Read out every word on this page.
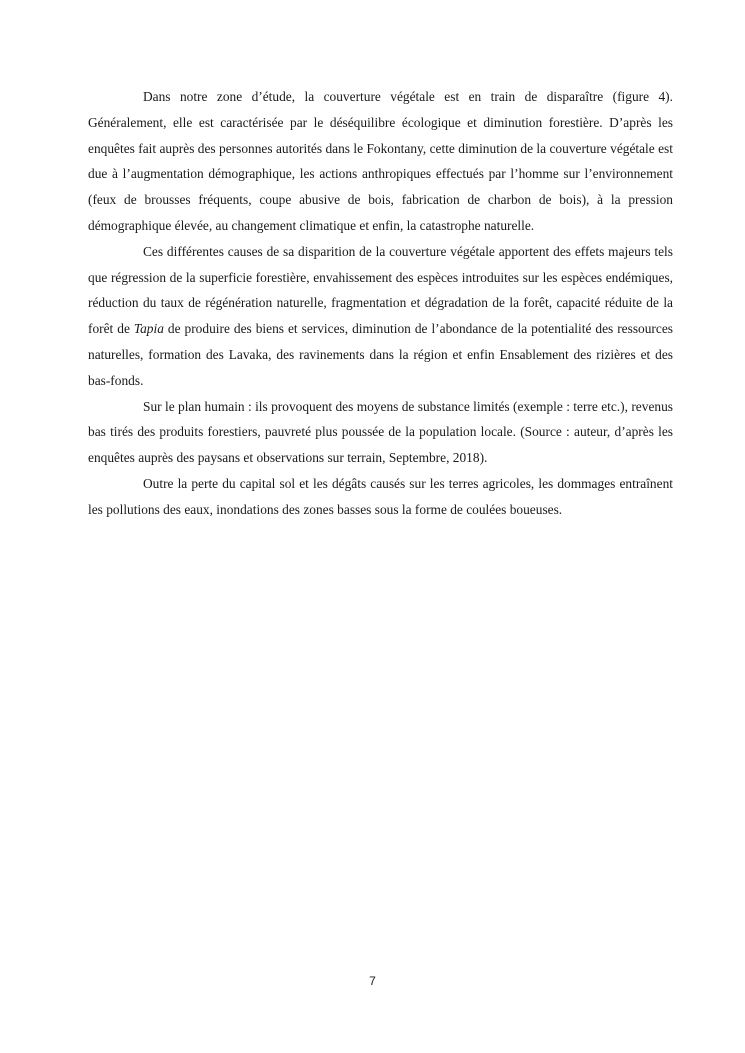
Dans notre zone d’étude, la couverture végétale est en train de disparaître (figure 4). Généralement, elle est caractérisée par le déséquilibre écologique et diminution forestière. D’après les enquêtes fait auprès des personnes autorités dans le Fokontany, cette diminution de la couverture végétale est due à l’augmentation démographique, les actions anthropiques effectués par l’homme sur l’environnement (feux de brousses fréquents, coupe abusive de bois, fabrication de charbon de bois), à la pression démographique élevée, au changement climatique et enfin, la catastrophe naturelle.

Ces différentes causes de sa disparition de la couverture végétale apportent des effets majeurs tels que régression de la superficie forestière, envahissement des espèces introduites sur les espèces endémiques, réduction du taux de régénération naturelle, fragmentation et dégradation de la forêt, capacité réduite de la forêt de Tapia de produire des biens et services, diminution de l’abondance de la potentialité des ressources naturelles, formation des Lavaka, des ravinements dans la région et enfin Ensablement des rizières et des bas-fonds.

Sur le plan humain : ils provoquent des moyens de substance limités (exemple : terre etc.), revenus bas tirés des produits forestiers, pauvreté plus poussée de la population locale. (Source : auteur, d’après les enquêtes auprès des paysans et observations sur terrain, Septembre, 2018).

Outre la perte du capital sol et les dégâts causés sur les terres agricoles, les dommages entraînent les pollutions des eaux, inondations des zones basses sous la forme de coulées boueuses.

7
